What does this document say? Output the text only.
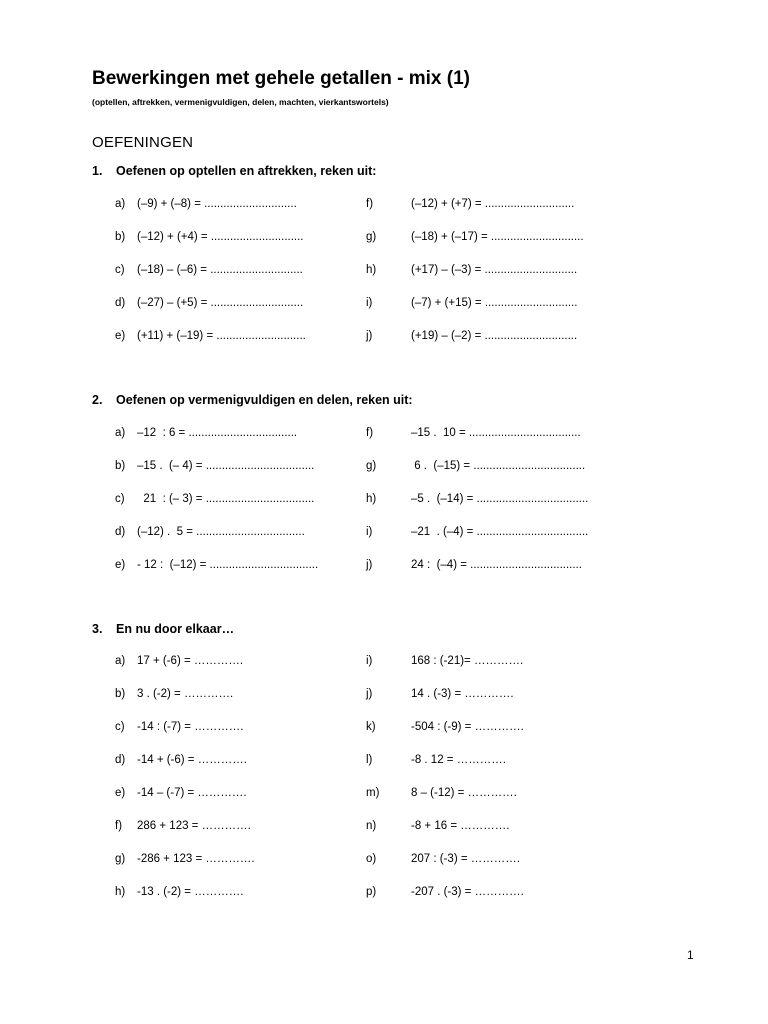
Bewerkingen met gehele getallen - mix (1)
(optellen, aftrekken, vermenigvuldigen, delen, machten, vierkantswortels)
OEFENINGEN
1. Oefenen op optellen en aftrekken, reken uit:
2. Oefenen op vermenigvuldigen en delen, reken uit:
3. En nu door elkaar…
a) (–9) + (–8) = .............................
b) (–12) + (+4) = .............................
c) (–18) – (–6) = .............................
d) (–27) – (+5) = .............................
e) (+11) + (–19) = ............................
f)	(–12) + (+7) = ............................
g)	(–18) + (–17) = .............................
h)	(+17) – (–3) = .............................
i)	(–7) + (+15) = .............................
j)	(+19) – (–2) = .............................
a) –12  : 6 = ..................................
b) –15 .  (– 4) = ..................................
c) 21  : (– 3) = ..................................
d) (–12) .  5 = ..................................
e) - 12 :  (–12) = ..................................
f)	–15 .  10 = ...................................
g)	6 .  (–15) = ...................................
h)	–5 .  (–14) = ...................................
i)	–21  . (–4) = ...................................
j)	24 :  (–4) = ...................................
a) 17 + (-6) = ………….
b) 3 . (-2) = ………….
c) -14 : (-7) = ………….
d) -14 + (-6) = ………….
e) -14 – (-7) = ………….
f) 286 + 123 = ………….
g) -286 + 123 = ………….
h) -13 . (-2) = ………….
i)	168 : (-21)= ………….
j)	14 . (-3) = ………….
k)	-504 : (-9) = ………….
l)	-8 . 12 = ………….
m)	8 – (-12) = ………….
n)	-8 + 16 = ………….
o)	207 : (-3) = ………….
p)	-207 . (-3) = ………….
1
